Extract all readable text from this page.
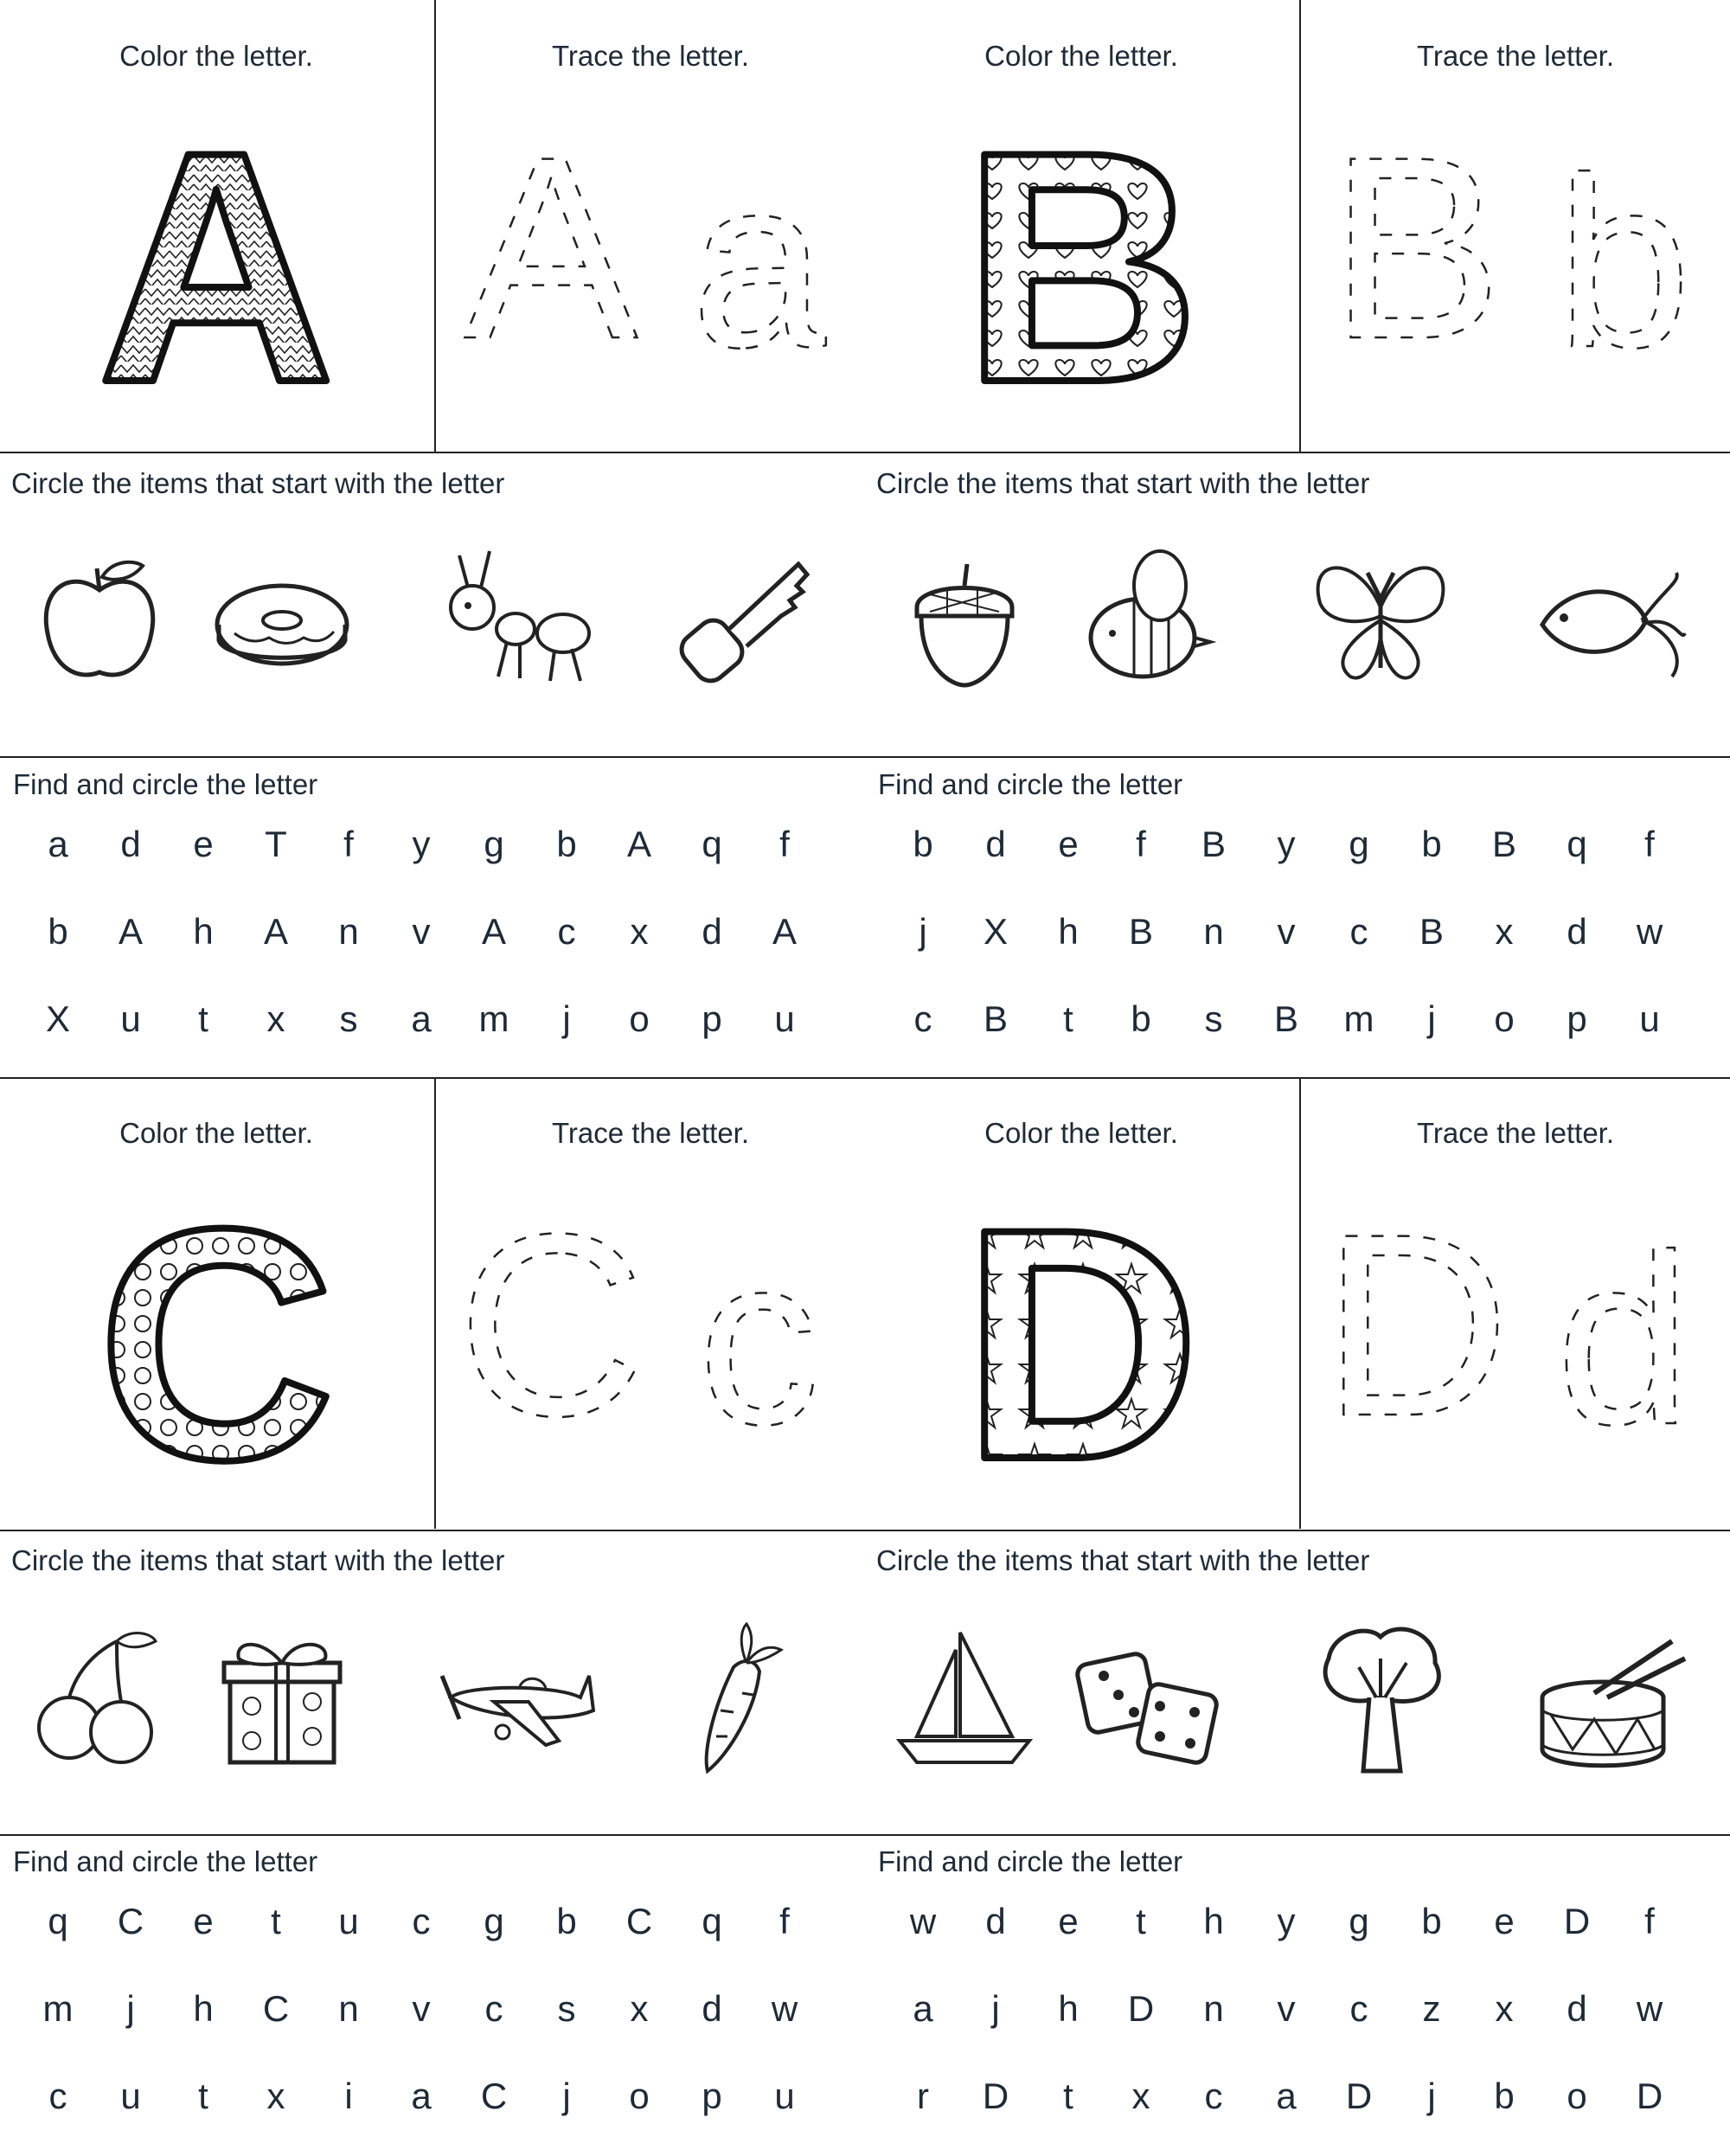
Color the letter.
A
Trace the letter.
A a
Circle the items that start with the letter
Find and circle the letter
a	d	e	T	f	y	g	b	A	q	f
b	A	h	A	n	v	A	c	x	d	A
X	u	t	x	s	a	m	j	o	p	u
Color the letter.
B
Trace the letter.
B b
Circle the items that start with the letter
Find and circle the letter
b	d	e	f	B	y	g	b	B	q	f
j	X	h	B	n	v	c	B	x	d	w
c	B	t	b	s	B	m	j	o	p	u
Color the letter.
C
Trace the letter.
C c
Circle the items that start with the letter
Find and circle the letter
q	C	e	t	u	c	g	b	C	q	f
m	j	h	C	n	v	c	s	x	d	w
c	u	t	x	i	a	C	j	o	p	u
Color the letter.
D
Trace the letter.
D d
Circle the items that start with the letter
Find and circle the letter
w	d	e	t	h	y	g	b	e	D	f
a	j	h	D	n	v	c	z	x	d	w
r	D	t	x	c	a	D	j	b	o	D
